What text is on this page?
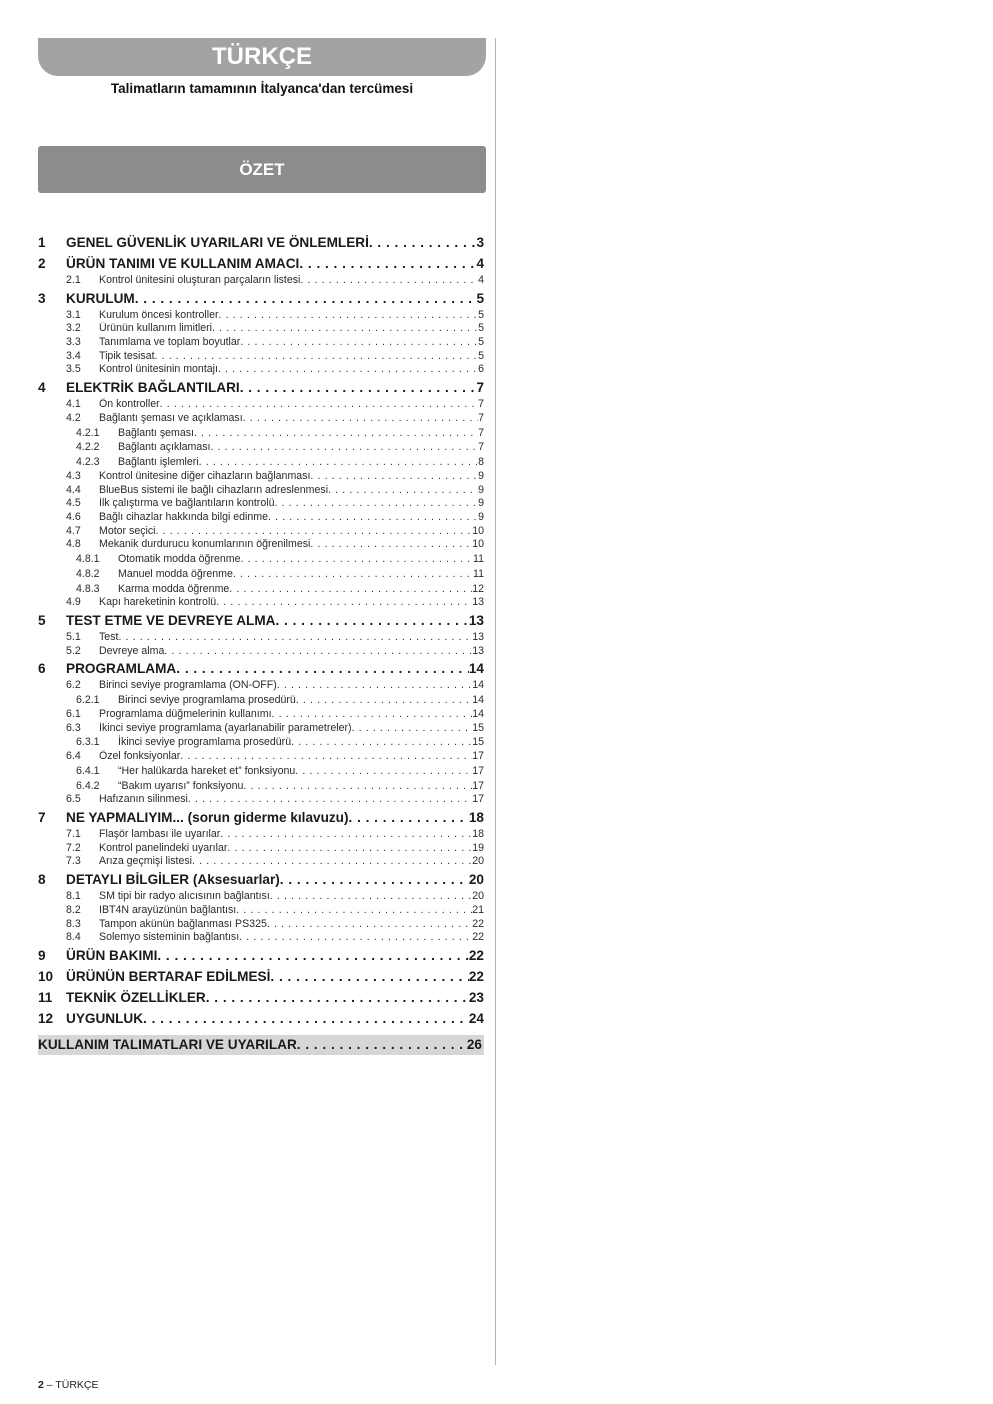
TÜRKÇE
Talimatların tamamının İtalyanca'dan tercümesi
ÖZET
1	GENEL GÜVENLİK UYARILARI VE ÖNLEMLERİ . . .	3
2	ÜRÜN TANIMI VE KULLANIM AMACI . . .	4
2.1	Kontrol ünitesini oluşturan parçaların listesi . . .	4
3	KURULUM . . .	5
3.1	Kurulum öncesi kontroller . . .	5
3.2	Ürünün kullanım limitleri . . .	5
3.3	Tanımlama ve toplam boyutlar . . .	5
3.4	Tipik tesisat . . .	5
3.5	Kontrol ünitesinin montajı . . .	6
4	ELEKTRİK BAĞLANTILARI . . .	7
4.1	Ön kontroller . . .	7
4.2	Bağlantı şeması ve açıklaması . . .	7
4.2.1	Bağlantı şeması . . .	7
4.2.2	Bağlantı açıklaması . . .	7
4.2.3	Bağlantı işlemleri . . .	8
4.3	Kontrol ünitesine diğer cihazların bağlanması . . .	9
4.4	BlueBus sistemi ile bağlı cihazların adreslenmesi . . .	9
4.5	İlk çalıştırma ve bağlantıların kontrolü . . .	9
4.6	Bağlı cihazlar hakkında bilgi edinme . . .	9
4.7	Motor seçici . . .	10
4.8	Mekanik durdurucu konumlarının öğrenilmesi . . .	10
4.8.1	Otomatik modda öğrenme . . .	11
4.8.2	Manuel modda öğrenme . . .	11
4.8.3	Karma modda öğrenme . . .	12
4.9	Kapı hareketinin kontrolü . . .	13
5	TEST ETME VE DEVREYE ALMA . . .	13
5.1	Test . . .	13
5.2	Devreye alma . . .	13
6	PROGRAMLAMA . . .	14
6.2	Birinci seviye programlama (ON-OFF) . . .	14
6.2.1	Birinci seviye programlama prosedürü . . .	14
6.1	Programlama düğmelerinin kullanımı . . .	14
6.3	İkinci seviye programlama (ayarlanabilir parametreler) . . .	15
6.3.1	İkinci seviye programlama prosedürü . . .	15
6.4	Özel fonksiyonlar . . .	17
6.4.1	“Her halükarda hareket et” fonksiyonu . . .	17
6.4.2	“Bakım uyarısı” fonksiyonu . . .	17
6.5	Hafızanın silinmesi . . .	17
7	NE YAPMALIYIM... (sorun giderme kılavuzu) . . .	18
7.1	Flaşör lambası ile uyarılar . . .	18
7.2	Kontrol panelindeki uyarılar . . .	19
7.3	Arıza geçmişi listesi . . .	20
8	DETAYLI BİLGİLER (Aksesuarlar) . . .	20
8.1	SM tipi bir radyo alıcısının bağlantısı . . .	20
8.2	IBT4N arayüzünün bağlantısı . . .	21
8.3	Tampon akünün bağlanması PS325 . . .	22
8.4	Solemyo sisteminin bağlantısı . . .	22
9	ÜRÜN BAKIMI . . .	22
10 ÜRÜNÜN BERTARAF EDİLMESİ . . .	22
11	TEKNİK ÖZELLİKLER . . .	23
12 UYGUNLUK . . .	24
KULLANIM TALIMATLARI VE UYARILAR . . .	26
2 – TÜRKÇE
